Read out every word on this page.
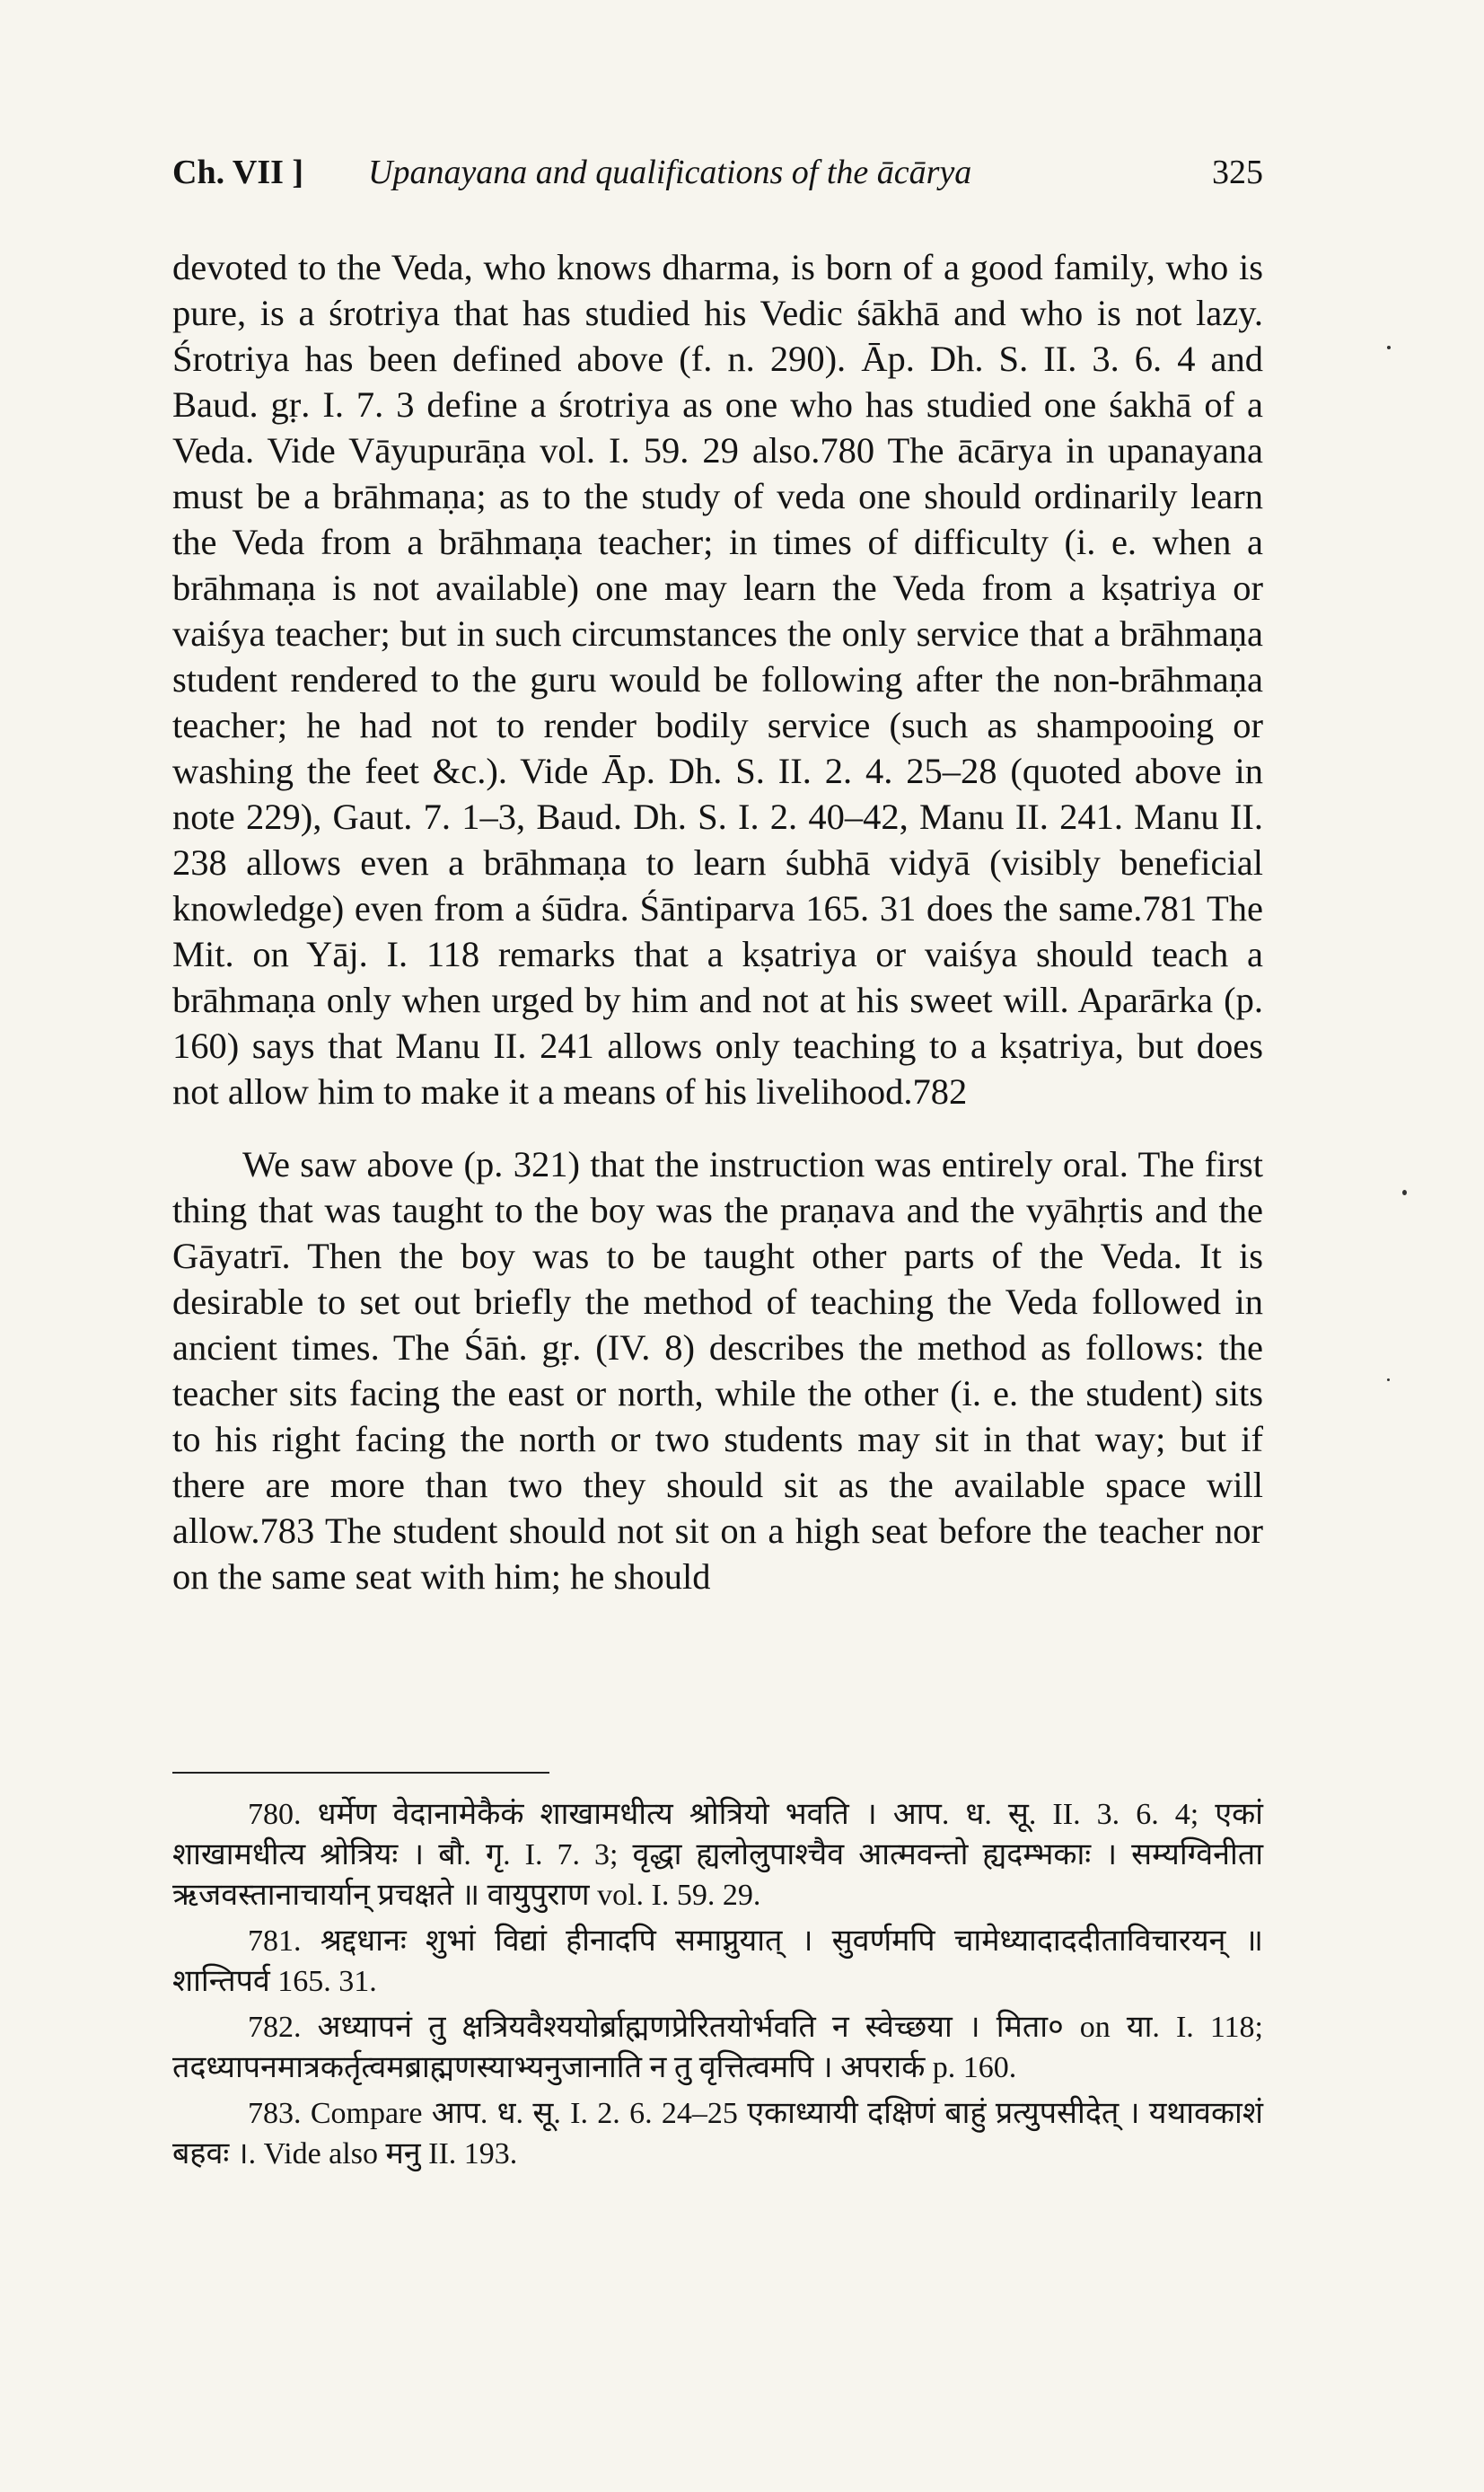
Ch. VII ] Upanayana and qualifications of the ācārya	325

devoted to the Veda, who knows dharma, is born of a good family, who is pure, is a śrotriya that has studied his Vedic śākhā and who is not lazy. Śrotriya has been defined above (f. n. 290). Āp. Dh. S. II. 3. 6. 4 and Baud. gṛ. I. 7. 3 define a śrotriya as one who has studied one śakhā of a Veda. Vide Vāyupurāṇa vol. I. 59. 29 also.780 The ācārya in upanayana must be a brāhmaṇa; as to the study of veda one should ordinarily learn the Veda from a brāhmaṇa teacher; in times of difficulty (i. e. when a brāhmaṇa is not available) one may learn the Veda from a kṣatriya or vaiśya teacher; but in such circumstances the only service that a brāhmaṇa student rendered to the guru would be following after the non-brāhmaṇa teacher; he had not to render bodily service (such as shampooing or washing the feet &c.). Vide Āp. Dh. S. II. 2. 4. 25–28 (quoted above in note 229), Gaut. 7. 1–3, Baud. Dh. S. I. 2. 40–42, Manu II. 241. Manu II. 238 allows even a brāhmaṇa to learn śubhā vidyā (visibly beneficial knowledge) even from a śūdra. Śāntiparva 165. 31 does the same.781 The Mit. on Yāj. I. 118 remarks that a kṣatriya or vaiśya should teach a brāhmaṇa only when urged by him and not at his sweet will. Aparārka (p. 160) says that Manu II. 241 allows only teaching to a kṣatriya, but does not allow him to make it a means of his livelihood.782

We saw above (p. 321) that the instruction was entirely oral. The first thing that was taught to the boy was the praṇava and the vyāhṛtis and the Gāyatrī. Then the boy was to be taught other parts of the Veda. It is desirable to set out briefly the method of teaching the Veda followed in ancient times. The Śāṅ. gṛ. (IV. 8) describes the method as follows: the teacher sits facing the east or north, while the other (i. e. the student) sits to his right facing the north or two students may sit in that way; but if there are more than two they should sit as the available space will allow.783 The student should not sit on a high seat before the teacher nor on the same seat with him; he should

780. धर्मेण वेदानामेकैकं शाखामधीत्य श्रोत्रियो भवति । आप. ध. सू. II. 3. 6. 4; एकां शाखामधीत्य श्रोत्रियः । बौ. गृ. I. 7. 3; वृद्धा ह्यलोलुपाश्चैव आत्मवन्तो ह्यदम्भकाः । सम्यग्विनीता ऋजवस्तानाचार्यान् प्रचक्षते ॥ वायुपुराण vol. I. 59. 29.

781. श्रद्दधानः शुभां विद्यां हीनादपि समाप्नुयात् । सुवर्णमपि चामेध्यादाददीताविचारयन् ॥ शान्तिपर्व 165. 31.

782. अध्यापनं तु क्षत्रियवैश्ययोर्ब्राह्मणप्रेरितयोर्भवति न स्वेच्छया । मिता० on या. I. 118; तदध्यापनमात्रकर्तृत्वमब्राह्मणस्याभ्यनुजानाति न तु वृत्तित्वमपि । अपरार्क p. 160.

783. Compare आप. ध. सू. I. 2. 6. 24–25 एकाध्यायी दक्षिणं बाहुं प्रत्युपसीदेत् । यथावकाशं बहवः ।. Vide also मनु II. 193.
